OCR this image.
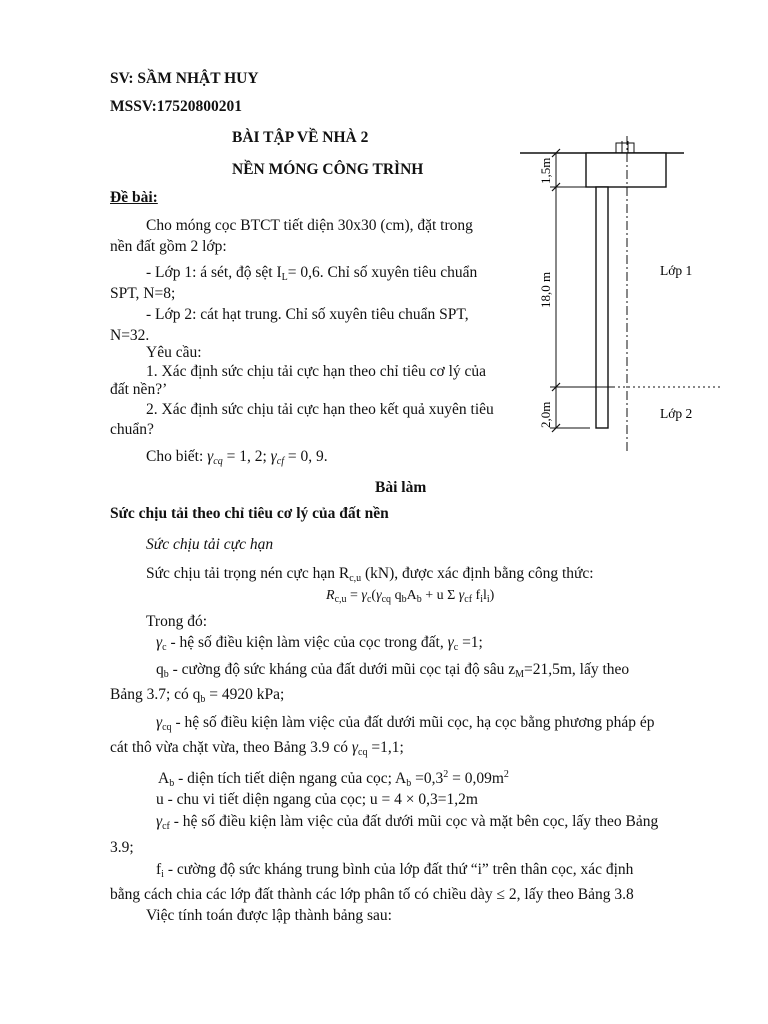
SV: SẦM NHẬT HUY
MSSV:17520800201
BÀI TẬP VỀ NHÀ 2
NỀN MÓNG CÔNG TRÌNH
Đề bài:
Cho móng cọc BTCT tiết diện 30x30 (cm), đặt trong
nền đất gồm 2 lớp:
- Lớp 1: á sét, độ sệt $I_L= 0,6$. Chỉ số xuyên tiêu chuẩn
SPT, N=8;
- Lớp 2: cát hạt trung. Chỉ số xuyên tiêu chuẩn SPT,
N=32.
Yêu cầu:
1. Xác định sức chịu tải cực hạn theo chỉ tiêu cơ lý của
đất nền?’
2. Xác định sức chịu tải cực hạn theo kết quả xuyên tiêu
chuẩn?
Cho biết: $\gamma_{cq} = 1$, 2; $\gamma_{cf} = 0$, 9.
1,5m
18,0 m
2,0m
Lớp 1
Lớp 2
Bài làm
Sức chịu tải theo chỉ tiêu cơ lý của đất nền
Sức chịu tải cực hạn
Sức chịu tải trọng nén cực hạn $R_{c,u}$ (kN), được xác định bằng công thức:
$R_{c,u} = \gamma_c(\gamma_{cq}$ $q_bA_b + u$ Σ $\gamma_{cf}$ $f_il_i$)
Trong đó:
$\gamma_c$ - hệ số điều kiện làm việc của cọc trong đất, $\gamma_c =1$;
$q_b$ - cường độ sức kháng của đất dưới mũi cọc tại độ sâu $z_M=21,5m$, lấy theo
Bảng 3.7; có $q_b = 4920$ kPa;
$\gamma_{cq}$ - hệ số điều kiện làm việc của đất dưới mũi cọc, hạ cọc bằng phương pháp ép
cát thô vừa chặt vừa, theo Bảng 3.9 có $\gamma_{cq} =1,1$;
$A_b$ - diện tích tiết diện ngang của cọc; $A_b =0,3^2 = 0,09m^2$
u - chu vi tiết diện ngang của cọc; u = 4 × 0,3=1,2m
$\gamma_{cf}$ - hệ số điều kiện làm việc của đất dưới mũi cọc và mặt bên cọc, lấy theo Bảng
3.9;
$f_i$ - cường độ sức kháng trung bình của lớp đất thứ “i” trên thân cọc, xác định
bằng cách chia các lớp đất thành các lớp phân tố có chiều dày ≤ 2, lấy theo Bảng 3.8
Việc tính toán được lập thành bảng sau:
